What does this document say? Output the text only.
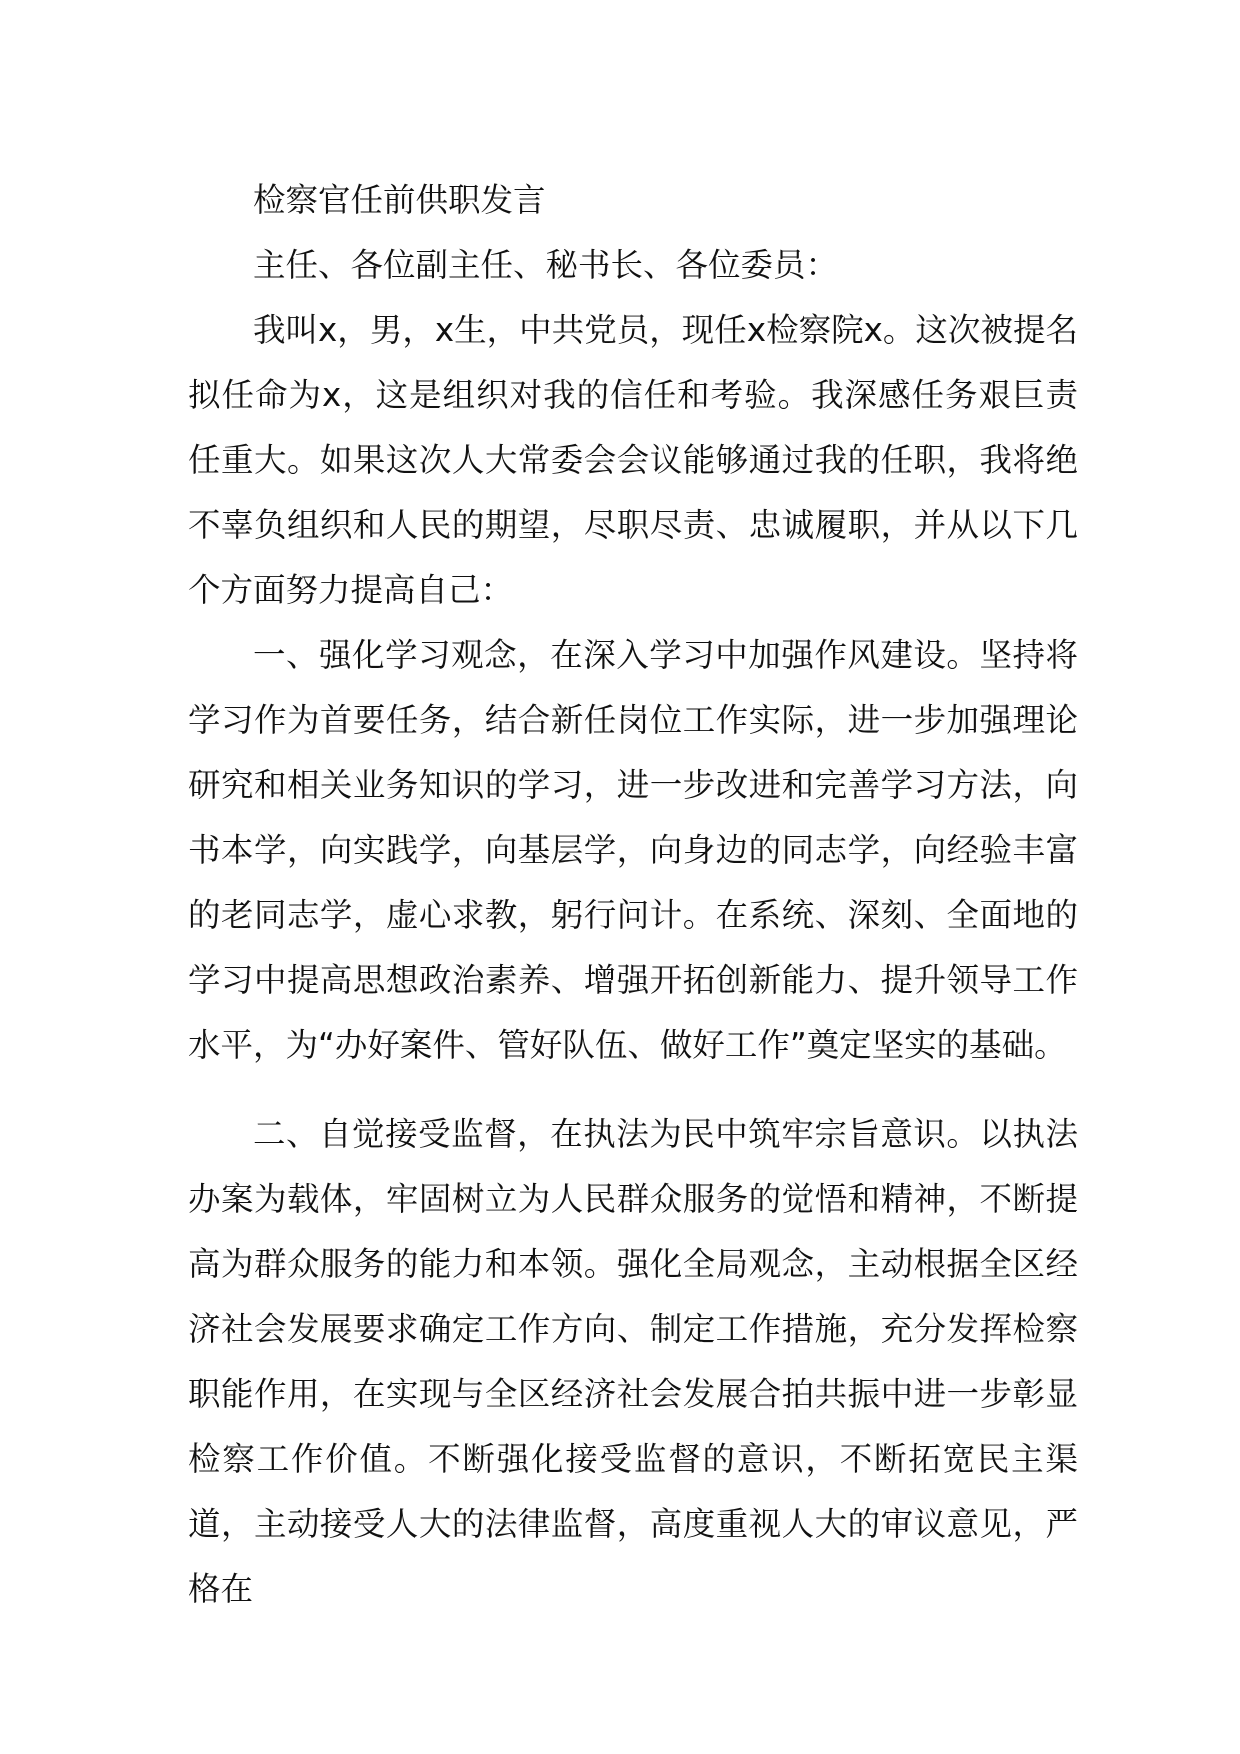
检察官任前供职发言

主任、各位副主任、秘书长、各位委员：

我叫x，男，x生，中共党员，现任x检察院x。这次被提名拟任命为x，这是组织对我的信任和考验。我深感任务艰巨责任重大。如果这次人大常委会会议能够通过我的任职，我将绝不辜负组织和人民的期望，尽职尽责、忠诚履职，并从以下几个方面努力提高自己：

一、强化学习观念，在深入学习中加强作风建设。坚持将学习作为首要任务，结合新任岗位工作实际，进一步加强理论研究和相关业务知识的学习，进一步改进和完善学习方法，向书本学，向实践学，向基层学，向身边的同志学，向经验丰富的老同志学，虚心求教，躬行问计。在系统、深刻、全面地的学习中提高思想政治素养、增强开拓创新能力、提升领导工作水平，为“办好案件、管好队伍、做好工作”奠定坚实的基础。

二、自觉接受监督，在执法为民中筑牢宗旨意识。以执法办案为载体，牢固树立为人民群众服务的觉悟和精神，不断提高为群众服务的能力和本领。强化全局观念，主动根据全区经济社会发展要求确定工作方向、制定工作措施，充分发挥检察职能作用，在实现与全区经济社会发展合拍共振中进一步彰显检察工作价值。不断强化接受监督的意识，不断拓宽民主渠道，主动接受人大的法律监督，高度重视人大的审议意见，严格在
